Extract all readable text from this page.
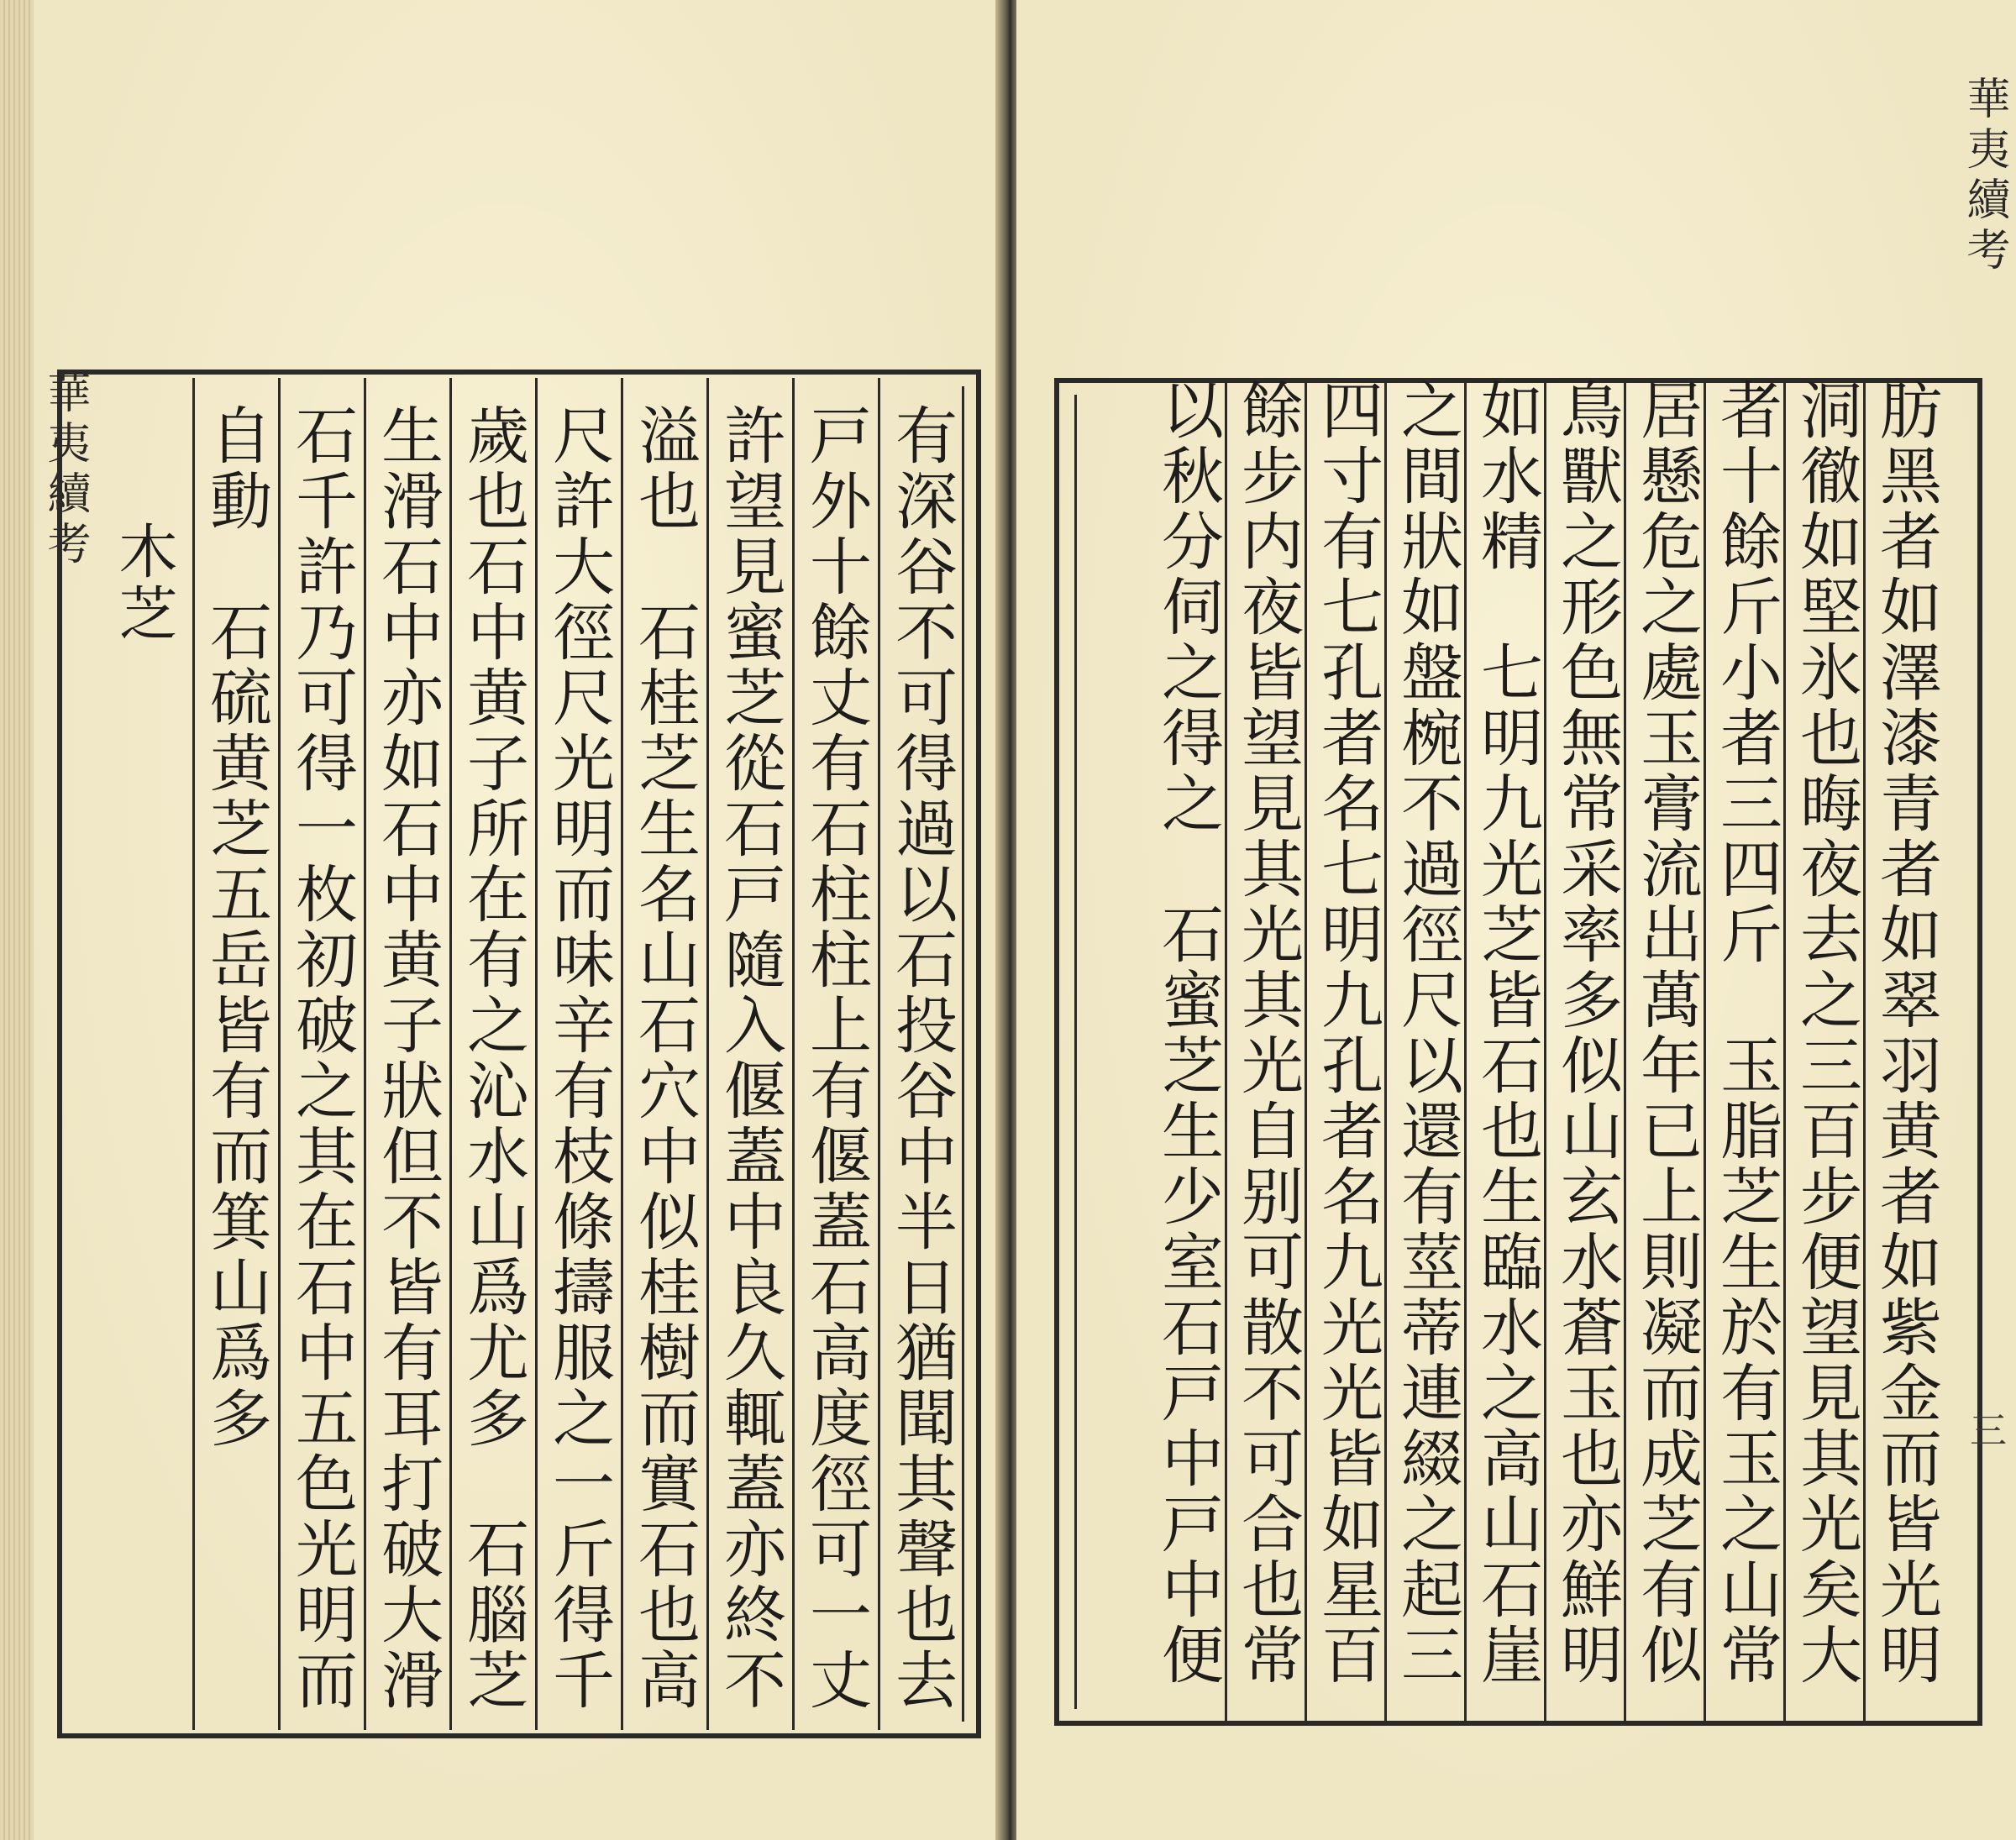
華夷續考
三
肪黑者如澤漆青者如翠羽黄者如紫金而皆光明
洞徹如堅氷也晦夜去之三百步便望見其光矣大
者十餘斤小者三四斤　玉脂芝生於有玉之山常
居懸危之處玉膏流出萬年已上則凝而成芝有似
鳥獸之形色無常采率多似山玄水蒼玉也亦鮮明
如水精　七明九光芝皆石也生臨水之高山石崖
之間狀如盤椀不過徑尺以還有莖蒂連綴之起三
四寸有七孔者名七明九孔者名九光光皆如星百
餘步内夜皆望見其光其光自别可散不可合也常
以秋分伺之得之　石蜜芝生少室石戸中戸中便
華夷續考	有深谷不可得過以石投谷中半日猶聞其聲也去
戸外十餘丈有石柱柱上有偃蓋石高度徑可一丈
許望見蜜芝從石戸隨入偃蓋中良久輒蓋亦終不
溢也　石桂芝生名山石穴中似桂樹而實石也高
尺許大徑尺光明而味辛有枝條擣服之一斤得千
歲也石中黄子所在有之沁水山爲尤多　石腦芝
生滑石中亦如石中黄子狀但不皆有耳打破大滑
石千許乃可得一枚初破之其在石中五色光明而
自動　石硫黄芝五岳皆有而箕山爲多
木芝
